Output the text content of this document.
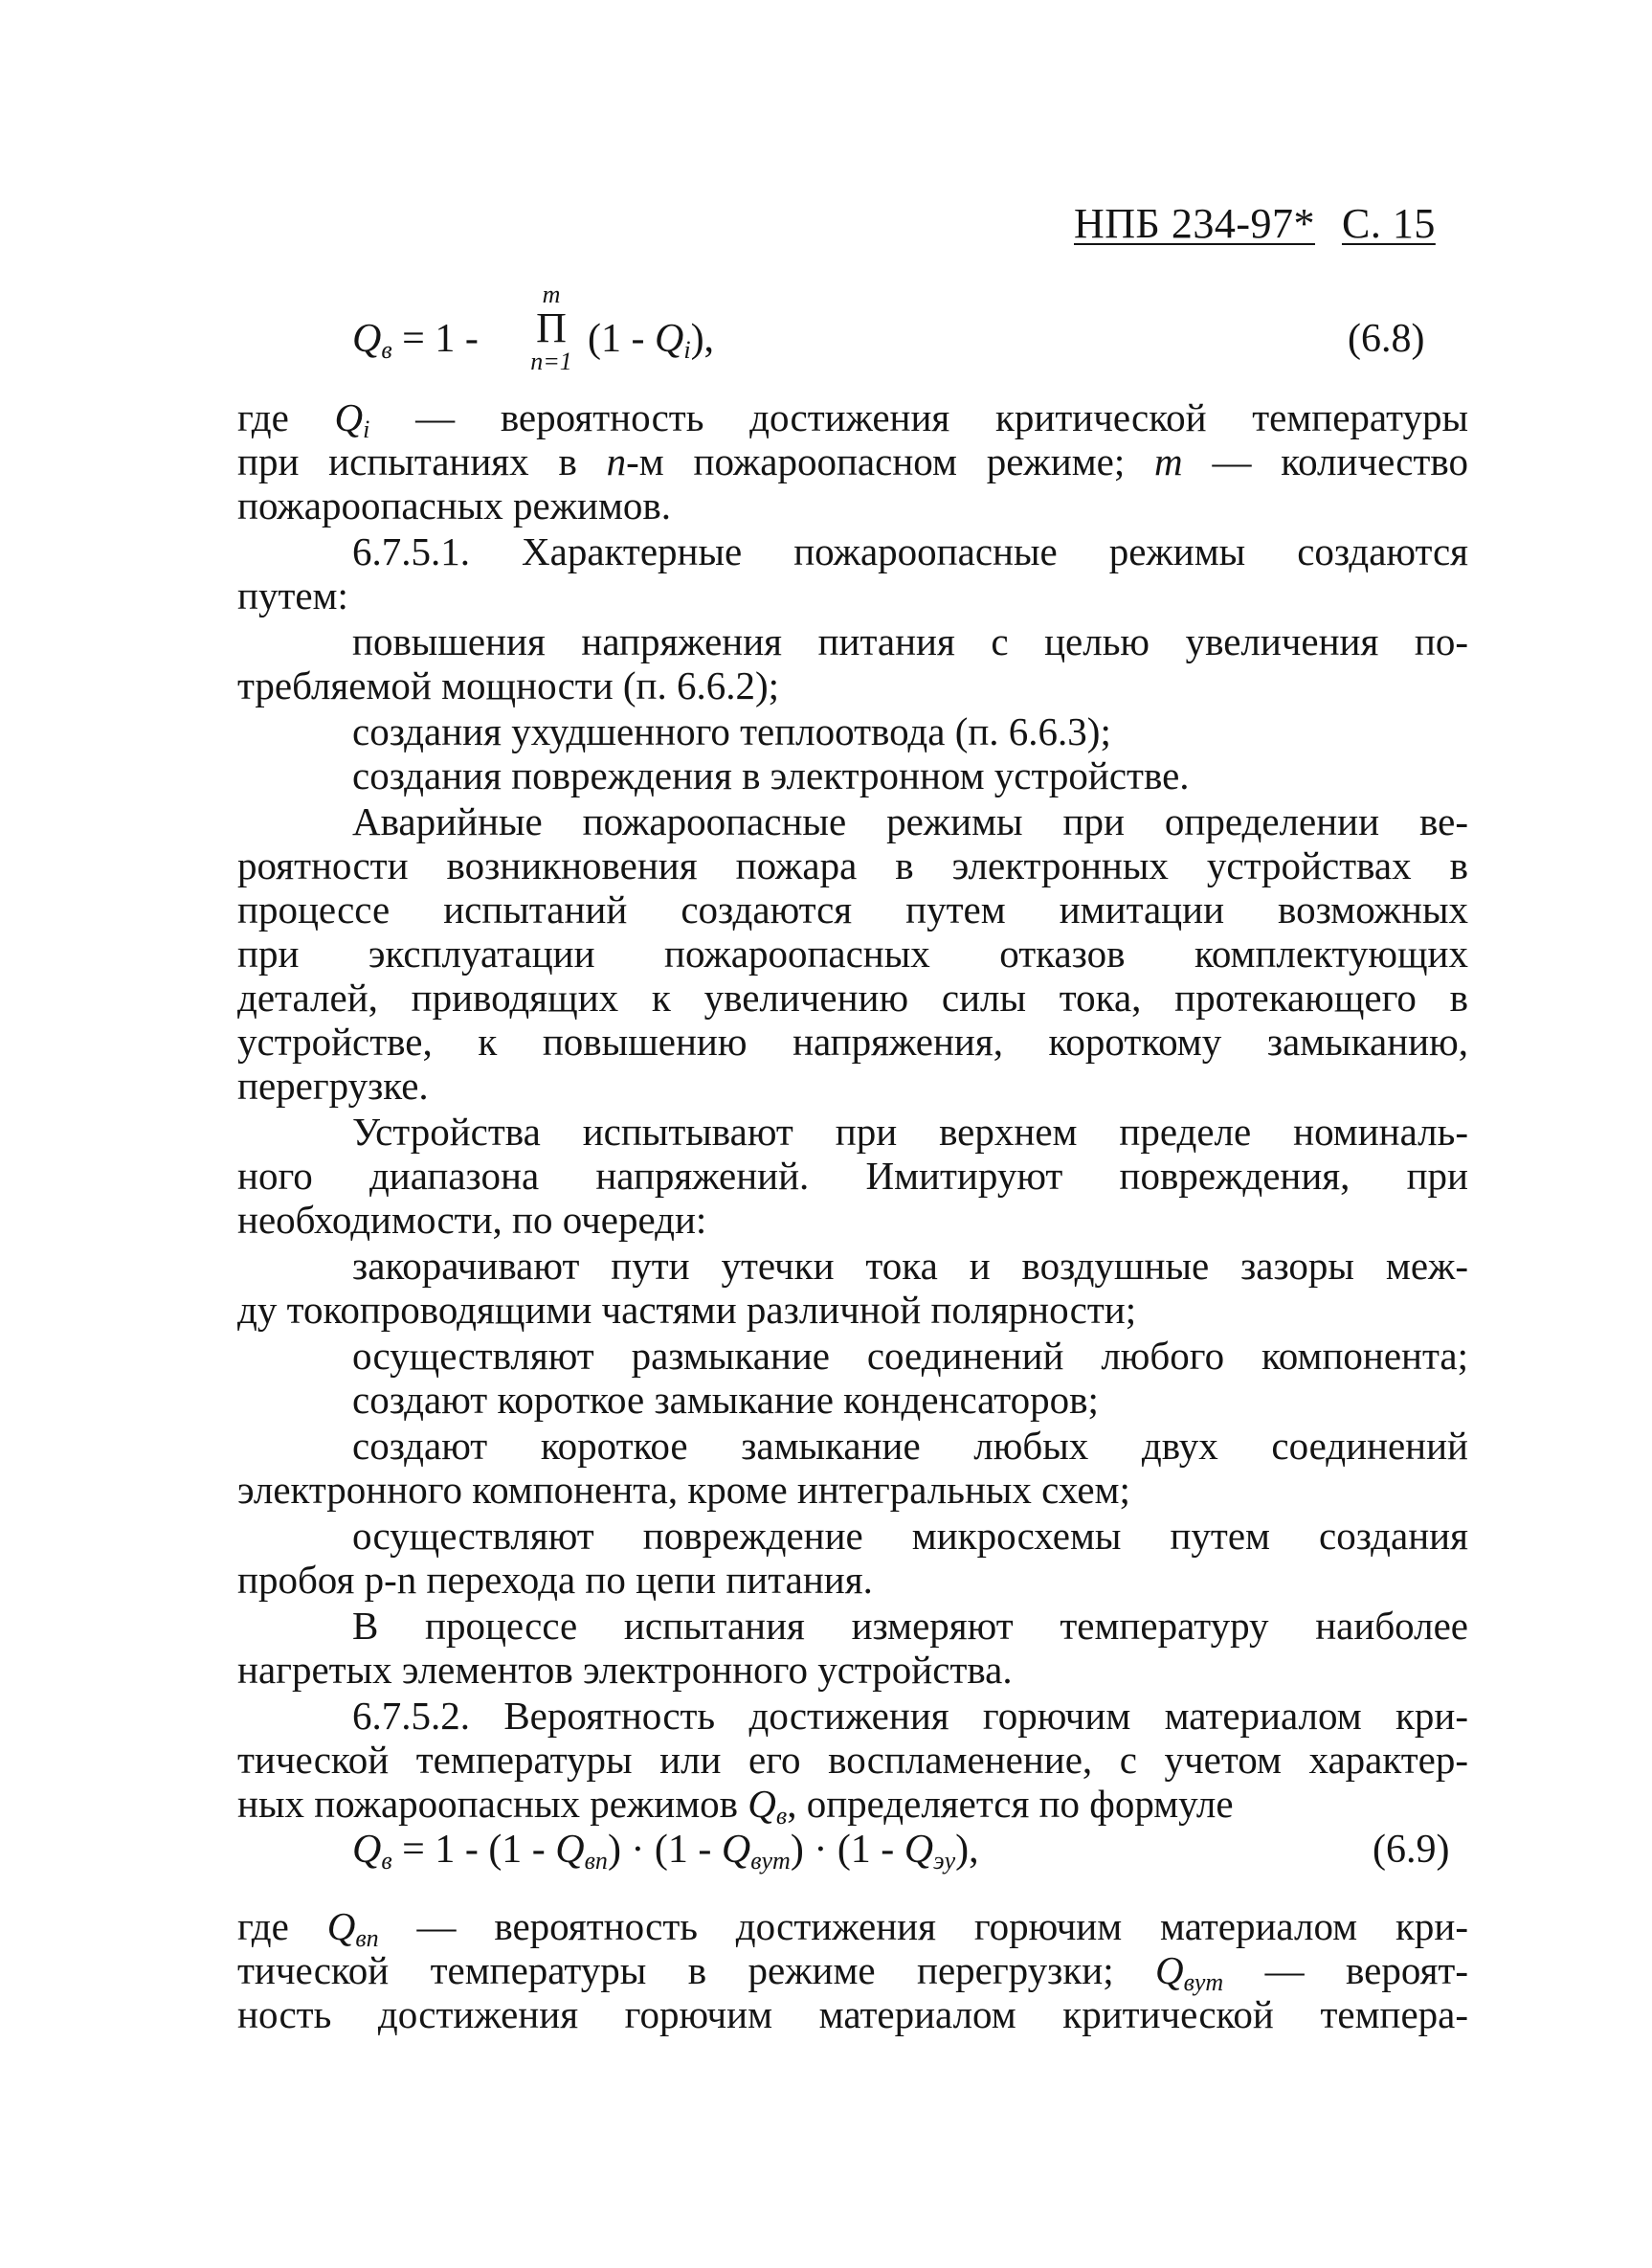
НПБ 234-97* С. 15
$Q_в = 1$ -
m
П
n=1
$(1 - Q_i)$,	(6.8)
где $Q_i$ — вероятность достижения критической температуры
при испытаниях в n-м пожароопасном режиме; m — количество
пожароопасных режимов.
6.7.5.1. Характерные пожароопасные режимы создаются
путем:
повышения напряжения питания с целью увеличения по-
требляемой мощности (п. 6.6.2);
создания ухудшенного теплоотвода (п. 6.6.3);
создания повреждения в электронном устройстве.
Аварийные пожароопасные режимы при определении ве-
роятности возникновения пожара в электронных устройствах в
процессе испытаний создаются путем имитации возможных
при эксплуатации пожароопасных отказов комплектующих
деталей, приводящих к увеличению силы тока, протекающего в
устройстве, к повышению напряжения, короткому замыканию,
перегрузке.
Устройства испытывают при верхнем пределе номиналь-
ного диапазона напряжений. Имитируют повреждения, при
необходимости, по очереди:
закорачивают пути утечки тока и воздушные зазоры меж-
ду токопроводящими частями различной полярности;
осуществляют размыкание соединений любого компонента;
создают короткое замыкание конденсаторов;
создают короткое замыкание любых двух соединений
электронного компонента, кроме интегральных схем;
осуществляют повреждение микросхемы путем создания
пробоя p-n перехода по цепи питания.
В процессе испытания измеряют температуру наиболее
нагретых элементов электронного устройства.
6.7.5.2. Вероятность достижения горючим материалом кри-
тической температуры или его воспламенение, с учетом характер-
ных пожароопасных режимов $Q_в$, определяется по формуле
$Q_в = 1 - (1 - Q_{вп}) \cdot (1 - Q_{вут}) \cdot (1 - Q_{эу})$,	(6.9)
где $Q_{вп}$ — вероятность достижения горючим материалом кри-
тической температуры в режиме перегрузки; $Q_{вут}$ — вероят-
ность достижения горючим материалом критической темпера-
